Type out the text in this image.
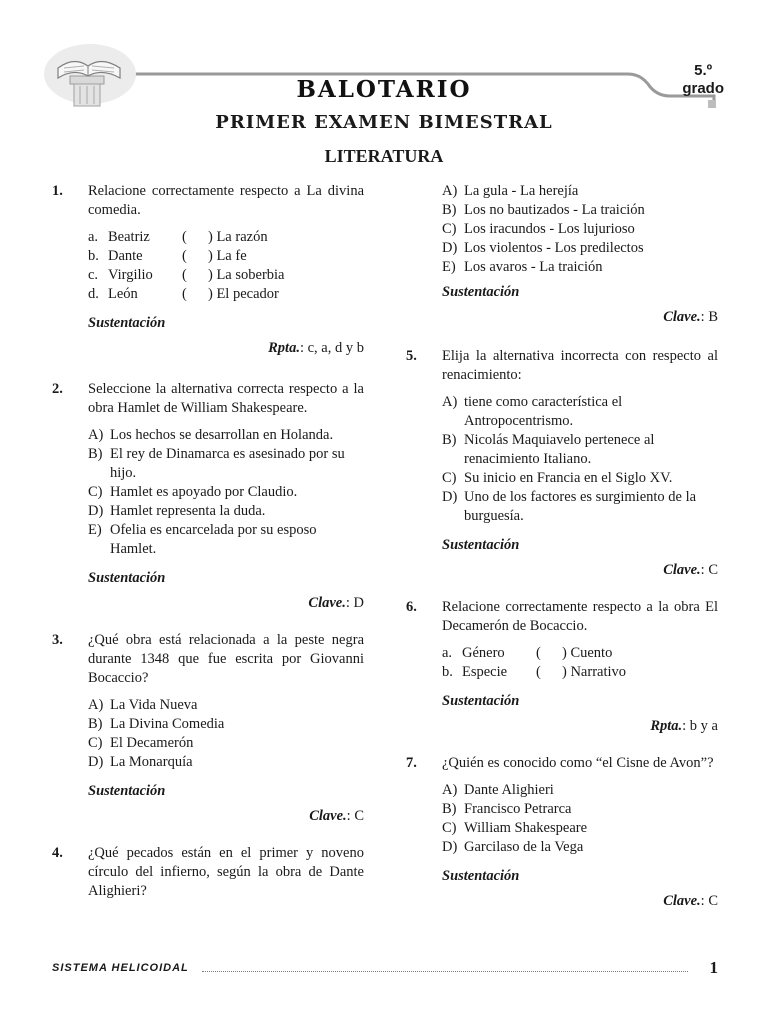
5.º
grado
BALOTARIO
PRIMER EXAMEN BIMESTRAL
LITERATURA

1. Relacione correctamente respecto a La divina comedia.

a. Beatriz	(	) La razón
b. Dante	(	) La fe
c. Virgilio	(	) La soberbia
d. León	(	) El pecador
Sustentación
Rpta.: c, a, d y b

2. Seleccione la alternativa correcta respecto a la obra Hamlet de William Shakespeare.

A) Los hechos se desarrollan en Holanda.
B) El rey de Dinamarca es asesinado por su hijo.
C) Hamlet es apoyado por Claudio.
D) Hamlet representa la duda.
E) Ofelia es encarcelada por su esposo Hamlet.
Sustentación
Clave.: D

3. ¿Qué obra está relacionada a la peste negra durante 1348 que fue escrita por Giovanni Bocaccio?

A) La Vida Nueva
B) La Divina Comedia
C) El Decamerón
D) La Monarquía
Sustentación
Clave.: C

4. ¿Qué pecados están en el primer y noveno círculo del infierno, según la obra de Dante Alighieri?

A) La gula - La herejía
B) Los no bautizados - La traición
C) Los iracundos - Los lujurioso
D) Los violentos - Los predilectos
E) Los avaros - La traición
Sustentación
Clave.: B

5. Elija la alternativa incorrecta con respecto al renacimiento:

A) tiene como característica el Antropocentrismo.
B) Nicolás Maquiavelo pertenece al renacimiento Italiano.
C) Su inicio en Francia en el Siglo XV.
D) Uno de los factores es surgimiento de la burguesía.
Sustentación
Clave.: C

6. Relacione correctamente respecto a la obra El Decamerón de Bocaccio.

a. Género	(	) Cuento
b. Especie	(	) Narrativo
Sustentación
Rpta.: b y a

7. ¿Quién es conocido como “el Cisne de Avon”?

A) Dante Alighieri
B) Francisco Petrarca
C) William Shakespeare
D) Garcilaso de la Vega
Sustentación
Clave.: C
SISTEMA HELICOIDAL	1
